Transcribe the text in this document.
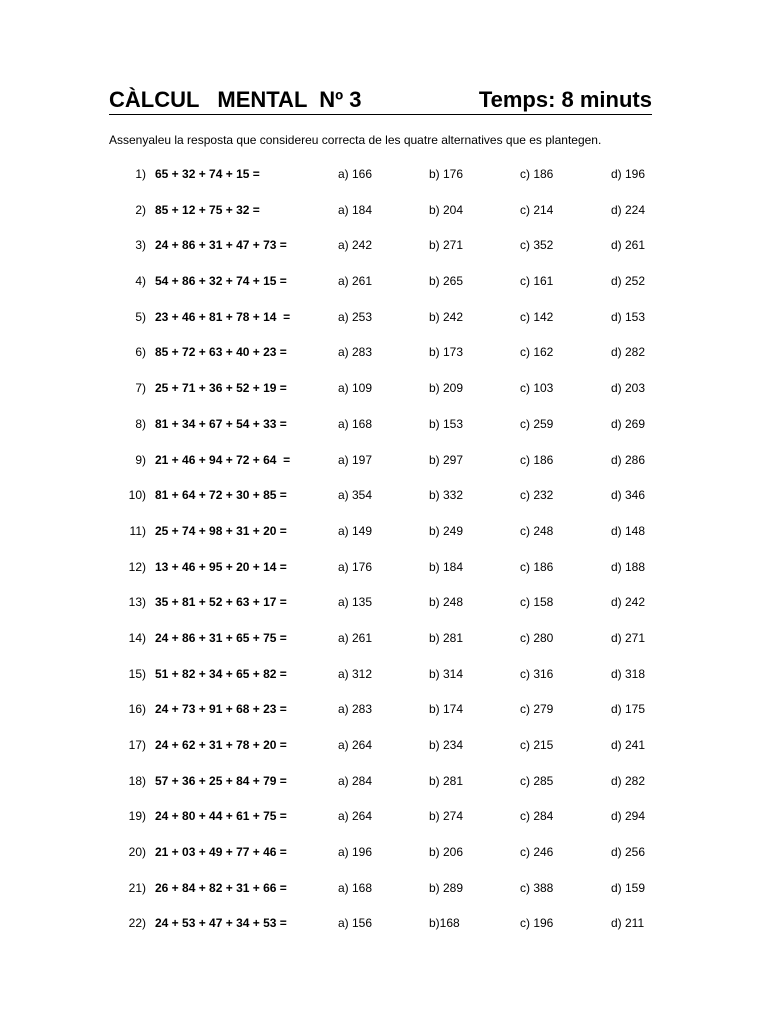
CÀLCUL   MENTAL  Nº 3	Temps: 8 minuts
Assenyaleu la resposta que considereu correcta de les quatre alternatives que es plantegen.
1) 65 + 32 + 74 + 15 =	a) 166	b) 176	c) 186	d) 196
2) 85 + 12 + 75 + 32 =	a) 184	b) 204	c) 214	d) 224
3) 24 + 86 + 31 + 47 + 73 =	a) 242	b) 271	c) 352	d) 261
4) 54 + 86 + 32 + 74 + 15 =	a) 261	b) 265	c) 161	d) 252
5) 23 + 46 + 81 + 78 + 14  =	a) 253	b) 242	c) 142	d) 153
6) 85 + 72 + 63 + 40 + 23 =	a) 283	b) 173	c) 162	d) 282
7) 25 + 71 + 36 + 52 + 19 =	a) 109	b) 209	c) 103	d) 203
8) 81 + 34 + 67 + 54 + 33 =	a) 168	b) 153	c) 259	d) 269
9) 21 + 46 + 94 + 72 + 64  =	a) 197	b) 297	c) 186	d) 286
10) 81 + 64 + 72 + 30 + 85 =	a) 354	b) 332	c) 232	d) 346
11) 25 + 74 + 98 + 31 + 20 =	a) 149	b) 249	c) 248	d) 148
12) 13 + 46 + 95 + 20 + 14 =	a) 176	b) 184	c) 186	d) 188
13) 35 + 81 + 52 + 63 + 17 =	a) 135	b) 248	c) 158	d) 242
14) 24 + 86 + 31 + 65 + 75 =	a) 261	b) 281	c) 280	d) 271
15) 51 + 82 + 34 + 65 + 82 =	a) 312	b) 314	c) 316	d) 318
16) 24 + 73 + 91 + 68 + 23 =	a) 283	b) 174	c) 279	d) 175
17) 24 + 62 + 31 + 78 + 20 =	a) 264	b) 234	c) 215	d) 241
18) 57 + 36 + 25 + 84 + 79 =	a) 284	b) 281	c) 285	d) 282
19) 24 + 80 + 44 + 61 + 75 =	a) 264	b) 274	c) 284	d) 294
20) 21 + 03 + 49 + 77 + 46 =	a) 196	b) 206	c) 246	d) 256
21) 26 + 84 + 82 + 31 + 66 =	a) 168	b) 289	c) 388	d) 159
22) 24 + 53 + 47 + 34 + 53 =	a) 156	b)168	c) 196	d) 211
